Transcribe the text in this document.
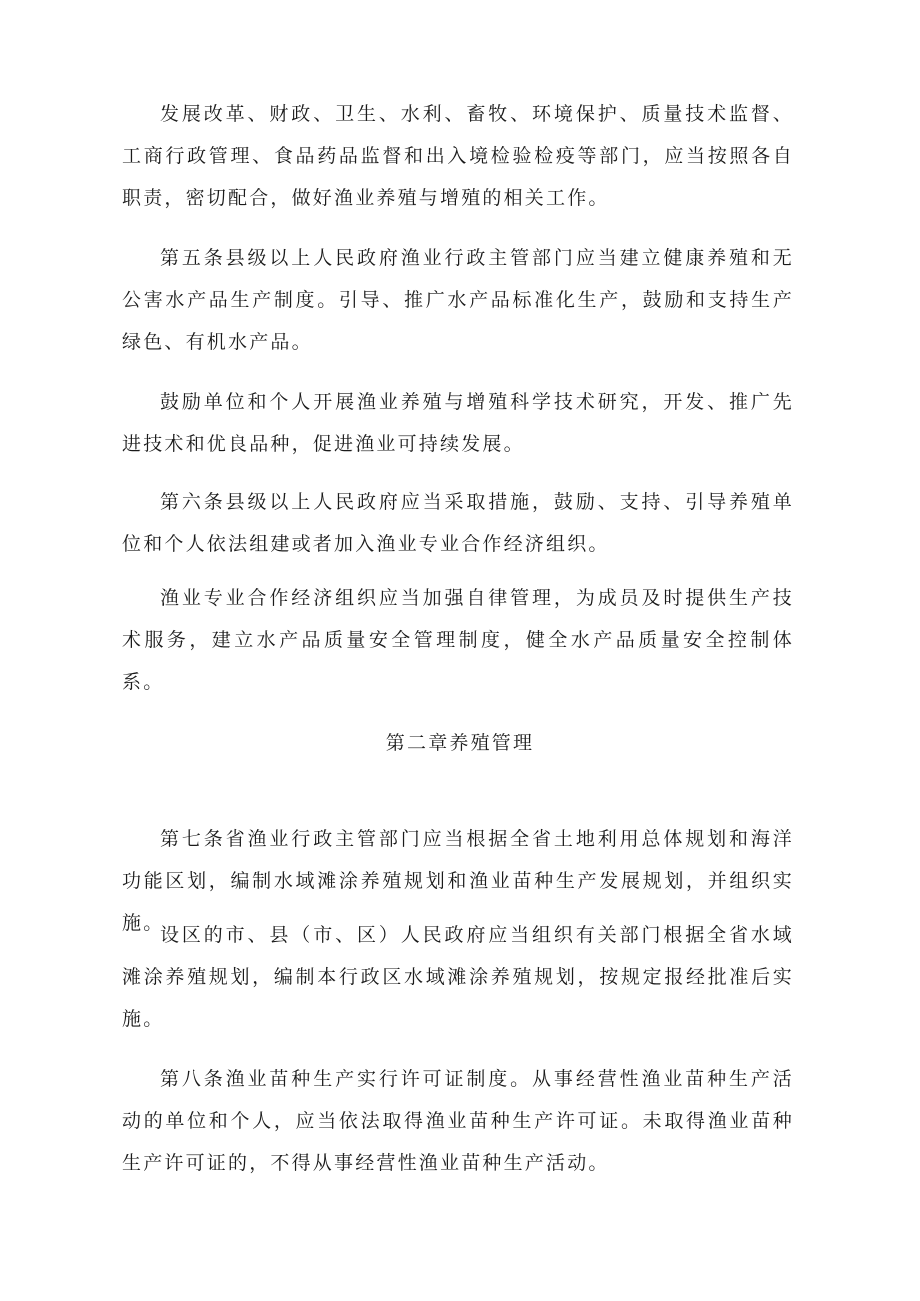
发展改革、财政、卫生、水利、畜牧、环境保护、质量技术监督、工商行政管理、食品药品监督和出入境检验检疫等部门，应当按照各自职责，密切配合，做好渔业养殖与增殖的相关工作。

第五条县级以上人民政府渔业行政主管部门应当建立健康养殖和无公害水产品生产制度。引导、推广水产品标准化生产，鼓励和支持生产绿色、有机水产品。

鼓励单位和个人开展渔业养殖与增殖科学技术研究，开发、推广先进技术和优良品种，促进渔业可持续发展。

第六条县级以上人民政府应当采取措施，鼓励、支持、引导养殖单位和个人依法组建或者加入渔业专业合作经济组织。

渔业专业合作经济组织应当加强自律管理，为成员及时提供生产技术服务，建立水产品质量安全管理制度，健全水产品质量安全控制体系。

第二章养殖管理

第七条省渔业行政主管部门应当根据全省土地利用总体规划和海洋功能区划，编制水域滩涂养殖规划和渔业苗种生产发展规划，并组织实施。

设区的市、县（市、区）人民政府应当组织有关部门根据全省水域滩涂养殖规划，编制本行政区水域滩涂养殖规划，按规定报经批准后实施。

第八条渔业苗种生产实行许可证制度。从事经营性渔业苗种生产活动的单位和个人，应当依法取得渔业苗种生产许可证。未取得渔业苗种生产许可证的，不得从事经营性渔业苗种生产活动。
